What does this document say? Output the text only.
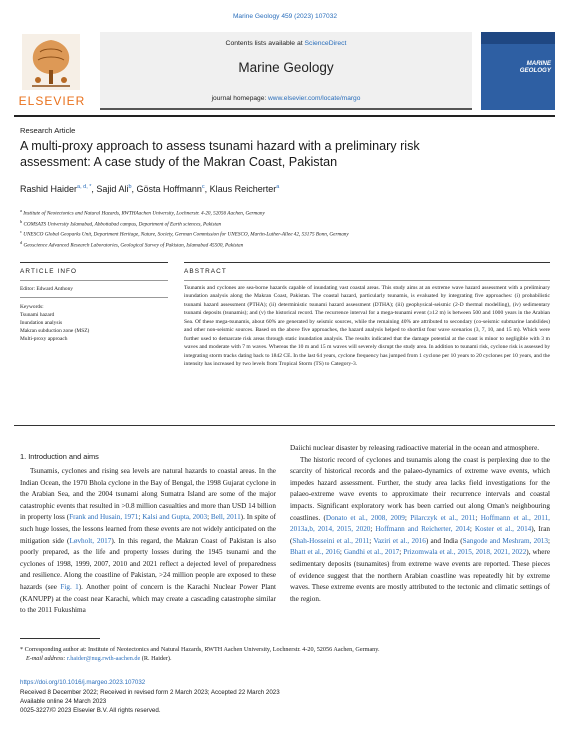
Marine Geology 459 (2023) 107032
ELSEVIER
Contents lists available at ScienceDirect
Marine Geology
journal homepage: www.elsevier.com/locate/margo
MARINE
GEOLOGY
Research Article
A multi-proxy approach to assess tsunami hazard with a preliminary risk
assessment: A case study of the Makran Coast, Pakistan
Rashid Haider$^{a, d, *}$, Sajid Ali$^b$, Gösta Hoffmann$^c$, Klaus Reicherter$^a$
$^a$ Institute of Neotectonics and Natural Hazards, RWTHAachen University, Lochnerstr. 4-20, 52056 Aachen, Germany
$^b$ COMSATS University Islamabad, Abbottabad campus, Department of Earth sciences, Pakistan
$^c$ UNESCO Global Geoparks Unit, Department Heritage, Nature, Society, German Commission for UNESCO, Martin-Luther-Allee 42, 53175 Bonn, Germany
$^d$ Geoscience Advanced Research Laboratories, Geological Survey of Pakistan, Islamabad 45500, Pakistan
ARTICLE INFO	ABSTRACT
Editor: Edward Anthony
Keywords:
Tsunami hazard
Inundation analysis
Makran subduction zone (MSZ)
Multi-proxy approach
Tsunamis and cyclones are sea-borne hazards capable of inundating vast coastal areas. This study aims at an extreme wave hazard assessment with a preliminary inundation analysis along the Makran Coast, Pakistan. The coastal hazard, particularly tsunamis, is evaluated by integrating five approaches: (i) probabilistic tsunami hazard assessment (PTHA); (ii) deterministic tsunami hazard assessment (DTHA); (iii) geophysical-seismic (2-D thermal modelling), (iv) sedimentary tsunami deposits (tsunamis); and (v) the historical record. The recurrence interval for a mega-tsunami event (≥12 m) is between 500 and 1000 years in the Arabian Sea. Of these mega-tsunamis, about 60% are generated by seismic sources, while the remaining 40% are attributed to secondary (co-seismic submarine landslides) and other non-seismic sources. Based on the above five approaches, the hazard analysis helped to shortlist four wave scenarios (3, 7, 10, and 15 m). Which were further used to demarcate risk areas through static inundation analysis. The results indicated that the damage potential at the coast is minor to negligible with 3 m waves and moderate with 7 m waves. Whereas the 10 m and 15 m waves will severely disrupt the study area. In addition to tsunami risk, cyclone risk is assessed by integrating storm tracks dating back to 1842 CE. In the last 64 years, cyclone frequency has jumped from 1 cyclone per 10 years to 20 cyclones per 10 years, and the intensity has increased by two levels from Tropical Storm (TS) to Category-3.
1. Introduction and aims

Tsunamis, cyclones and rising sea levels are natural hazards to coastal areas. In the Indian Ocean, the 1970 Bhola cyclone in the Bay of Bengal, the 1998 Gujarat cyclone in the Arabian Sea, and the 2004 tsunami along Sumatra Island are some of the major catastrophic events that resulted in >0.8 million casualties and more than USD 14 billion in property loss (Frank and Husain, 1971; Kalsi and Gupta, 2003; Bell, 2011). In spite of such huge losses, the lessons learned from these events are not widely anticipated on the mitigation side (Løvholt, 2017). In this regard, the Makran Coast of Pakistan is also poorly prepared, as the life and property losses during the 1945 tsunami and the cyclones of 1998, 1999, 2007, 2010 and 2021 reflect a dejected level of preparedness and resilience. Along the coastline of Pakistan, >24 million people are exposed to these hazards (see Fig. 1). Another point of concern is the Karachi Nuclear Power Plant (KANUPP) at the coast near Karachi, which may create a cascading catastrophe similar to the 2011 Fukushima

Daiichi nuclear disaster by releasing radioactive material in the ocean and atmosphere.

The historic record of cyclones and tsunamis along the coast is perplexing due to the scarcity of historical records and the palaeo-dynamics of extreme wave events, which impedes hazard assessment. Further, the study area lacks field investigations for the palaeo-extreme wave events to approximate their recurrence intervals and coastal impacts. Significant exploratory work has been carried out along Oman's neighbouring coastlines. (Donato et al., 2008, 2009; Pilarczyk et al., 2011; Hoffmann et al., 2011, 2013a,b, 2014, 2015, 2020; Hoffmann and Reicherter, 2014; Koster et al., 2014), Iran (Shah-Hosseini et al., 2011; Vaziri et al., 2016) and India (Sangode and Meshram, 2013; Bhatt et al., 2016; Gandhi et al., 2017; Prizomwala et al., 2015, 2018, 2021, 2022), where sedimentary deposits (tsunamites) from extreme wave events are reported. These pieces of evidence suggest that the northern Arabian coastline was repeatedly hit by extreme waves. These extreme events are mostly attributed to the tectonic and climatic settings of the region.

* Corresponding author at: Institute of Neotectonics and Natural Hazards, RWTH Aachen University, Lochnerstr. 4-20, 52056 Aachen, Germany.
E-mail address: r.haider@nug.rwth-aachen.de (R. Haider).
https://doi.org/10.1016/j.margeo.2023.107032
Received 8 December 2022; Received in revised form 2 March 2023; Accepted 22 March 2023
Available online 24 March 2023
0025-3227/© 2023 Elsevier B.V. All rights reserved.
